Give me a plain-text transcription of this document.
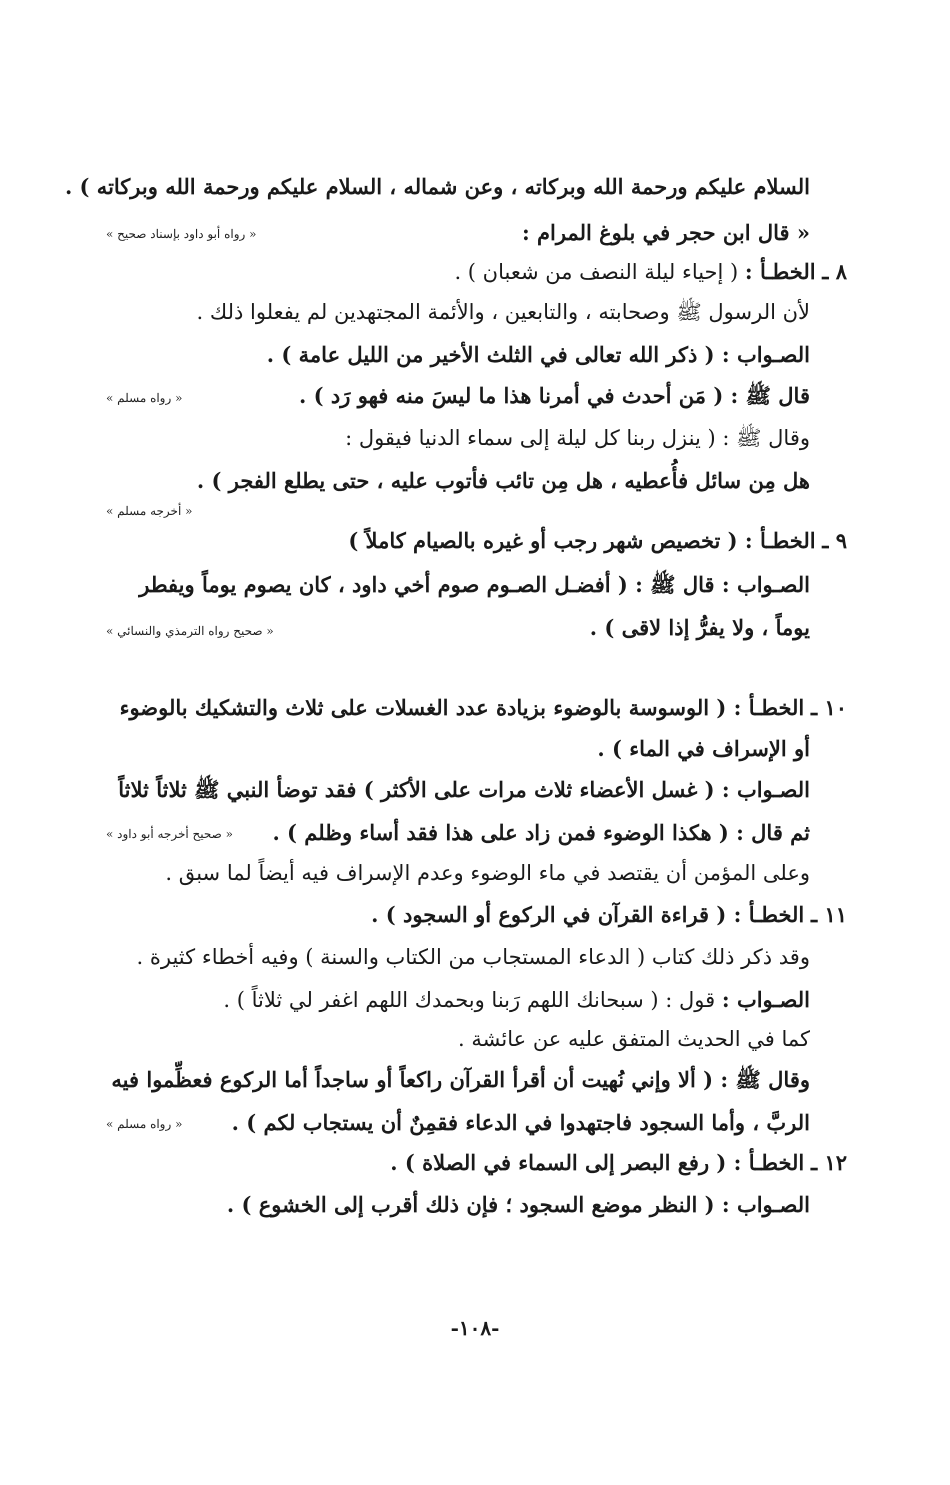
السلام عليكم ورحمة الله وبركاته ، وعن شماله ، السلام عليكم ورحمة الله وبركاته ) .
« قال ابن حجر في بلوغ المرام :
« رواه أبو داود بإسناد صحيح »
٨ ـ الخطـأ : ( إحياء ليلة النصف من شعبان ) .
لأن الرسول ﷺ وصحابته ، والتابعين ، والأئمة المجتهدين لم يفعلوا ذلك .
الصـواب : ( ذكر الله تعالى في الثلث الأخير من الليل عامة ) .
قال ﷺ : ( مَن أحدث في أمرنا هذا ما ليسَ منه فهو رَد ) .
« رواه مسلم »
وقال ﷺ : ( ينزل ربنا كل ليلة إلى سماء الدنيا فيقول :
هل مِن سائل فأُعطيه ، هل مِن تائب فأتوب عليه ، حتى يطلع الفجر ) .
« أخرجه مسلم »
٩ ـ الخطـأ : ( تخصيص شهر رجب أو غيره بالصيام كاملاً )
الصـواب : قال ﷺ : ( أفضـل الصـوم صوم أخي داود ، كان يصوم يوماً ويفطر
يوماً ، ولا يفرُّ إذا لاقى ) .
« صحيح رواه الترمذي والنسائي »
١٠ ـ الخطـأ : ( الوسوسة بالوضوء بزيادة عدد الغسلات على ثلاث والتشكيك بالوضوء
أو الإسراف في الماء ) .
الصـواب : ( غسل الأعضاء ثلاث مرات على الأكثر ) فقد توضأ النبي ﷺ ثلاثاً ثلاثاً
ثم قال : ( هكذا الوضوء فمن زاد على هذا فقد أساء وظلم ) .
« صحيح أخرجه أبو داود »
وعلى المؤمن أن يقتصد في ماء الوضوء وعدم الإسراف فيه أيضاً لما سبق .
١١ ـ الخطـأ : ( قراءة القرآن في الركوع أو السجود ) .
وقد ذكر ذلك كتاب ( الدعاء المستجاب من الكتاب والسنة ) وفيه أخطاء كثيرة .
الصـواب : قول : ( سبحانك اللهم رَبنا وبحمدك اللهم اغفر لي ثلاثاً ) .
كما في الحديث المتفق عليه عن عائشة .
وقال ﷺ : ( ألا وإني نُهيت أن أقرأ القرآن راكعاً أو ساجداً أما الركوع فعظِّموا فيه
الربَّ ، وأما السجود فاجتهدوا في الدعاء فقمِنٌ أن يستجاب لكم ) .
« رواه مسلم »
١٢ ـ الخطـأ : ( رفع البصر إلى السماء في الصلاة ) .
الصـواب : ( النظر موضع السجود ؛ فإن ذلك أقرب إلى الخشوع ) .
-١٠٨-
